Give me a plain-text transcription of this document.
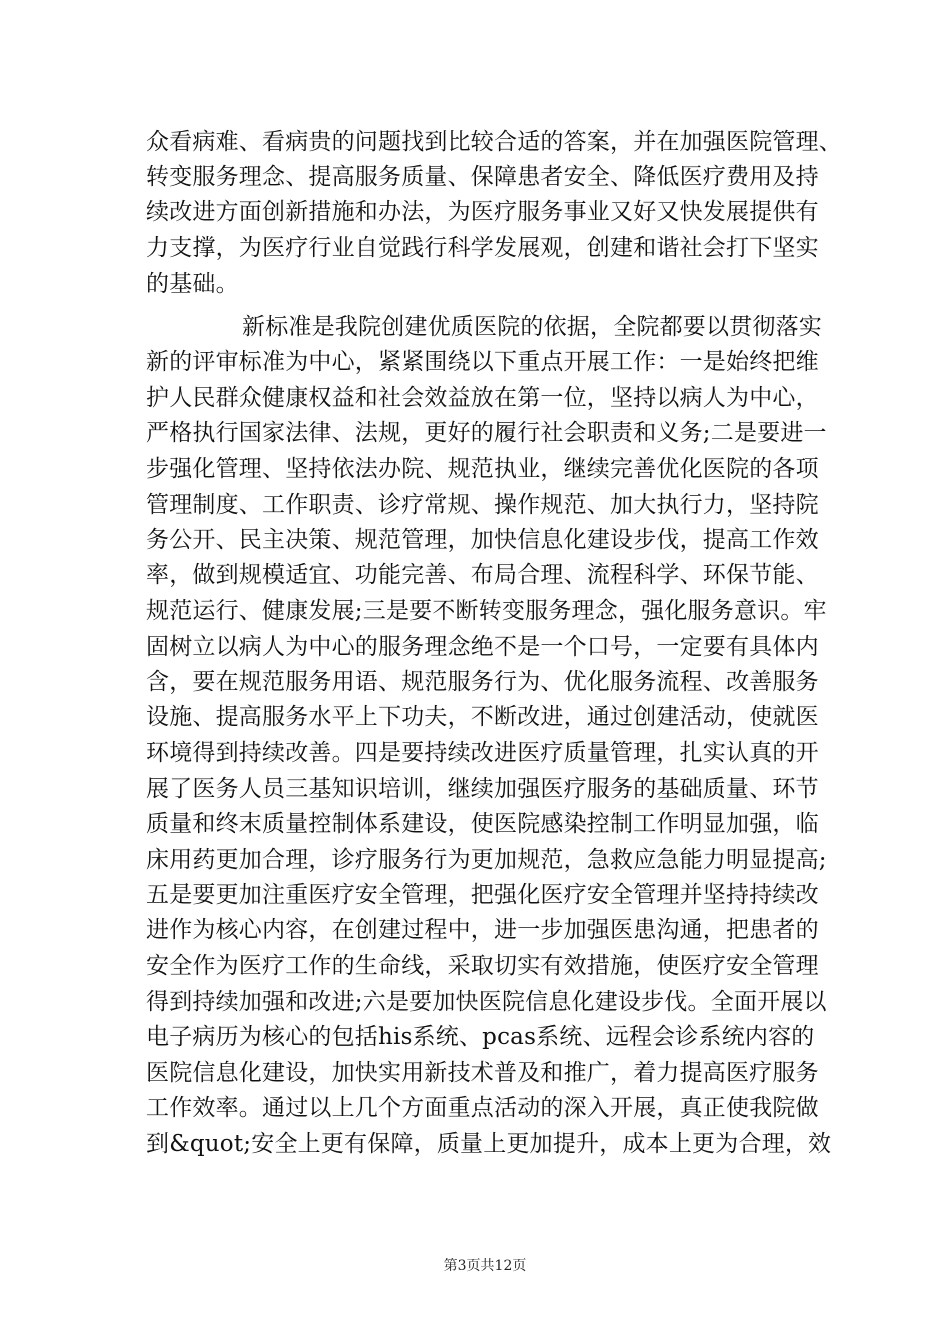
众看病难、看病贵的问题找到比较合适的答案，并在加强医院管理、
转变服务理念、提高服务质量、保障患者安全、降低医疗费用及持
续改进方面创新措施和办法，为医疗服务事业又好又快发展提供有
力支撑，为医疗行业自觉践行科学发展观，创建和谐社会打下坚实
的基础。
新标准是我院创建优质医院的依据，全院都要以贯彻落实
新的评审标准为中心，紧紧围绕以下重点开展工作：一是始终把维
护人民群众健康权益和社会效益放在第一位，坚持以病人为中心，
严格执行国家法律、法规，更好的履行社会职责和义务;二是要进一
步强化管理、坚持依法办院、规范执业，继续完善优化医院的各项
管理制度、工作职责、诊疗常规、操作规范、加大执行力，坚持院
务公开、民主决策、规范管理，加快信息化建设步伐，提高工作效
率，做到规模适宜、功能完善、布局合理、流程科学、环保节能、
规范运行、健康发展;三是要不断转变服务理念，强化服务意识。牢
固树立以病人为中心的服务理念绝不是一个口号，一定要有具体内
含，要在规范服务用语、规范服务行为、优化服务流程、改善服务
设施、提高服务水平上下功夫，不断改进，通过创建活动，使就医
环境得到持续改善。四是要持续改进医疗质量管理，扎实认真的开
展了医务人员三基知识培训，继续加强医疗服务的基础质量、环节
质量和终末质量控制体系建设，使医院感染控制工作明显加强，临
床用药更加合理，诊疗服务行为更加规范，急救应急能力明显提高;
五是要更加注重医疗安全管理，把强化医疗安全管理并坚持持续改
进作为核心内容，在创建过程中，进一步加强医患沟通，把患者的
安全作为医疗工作的生命线，采取切实有效措施，使医疗安全管理
得到持续加强和改进;六是要加快医院信息化建设步伐。全面开展以
电子病历为核心的包括his系统、pcas系统、远程会诊系统内容的
医院信息化建设，加快实用新技术普及和推广，着力提高医疗服务
工作效率。通过以上几个方面重点活动的深入开展，真正使我院做
到&quot;安全上更有保障，质量上更加提升，成本上更为合理，效
第3页共12页
